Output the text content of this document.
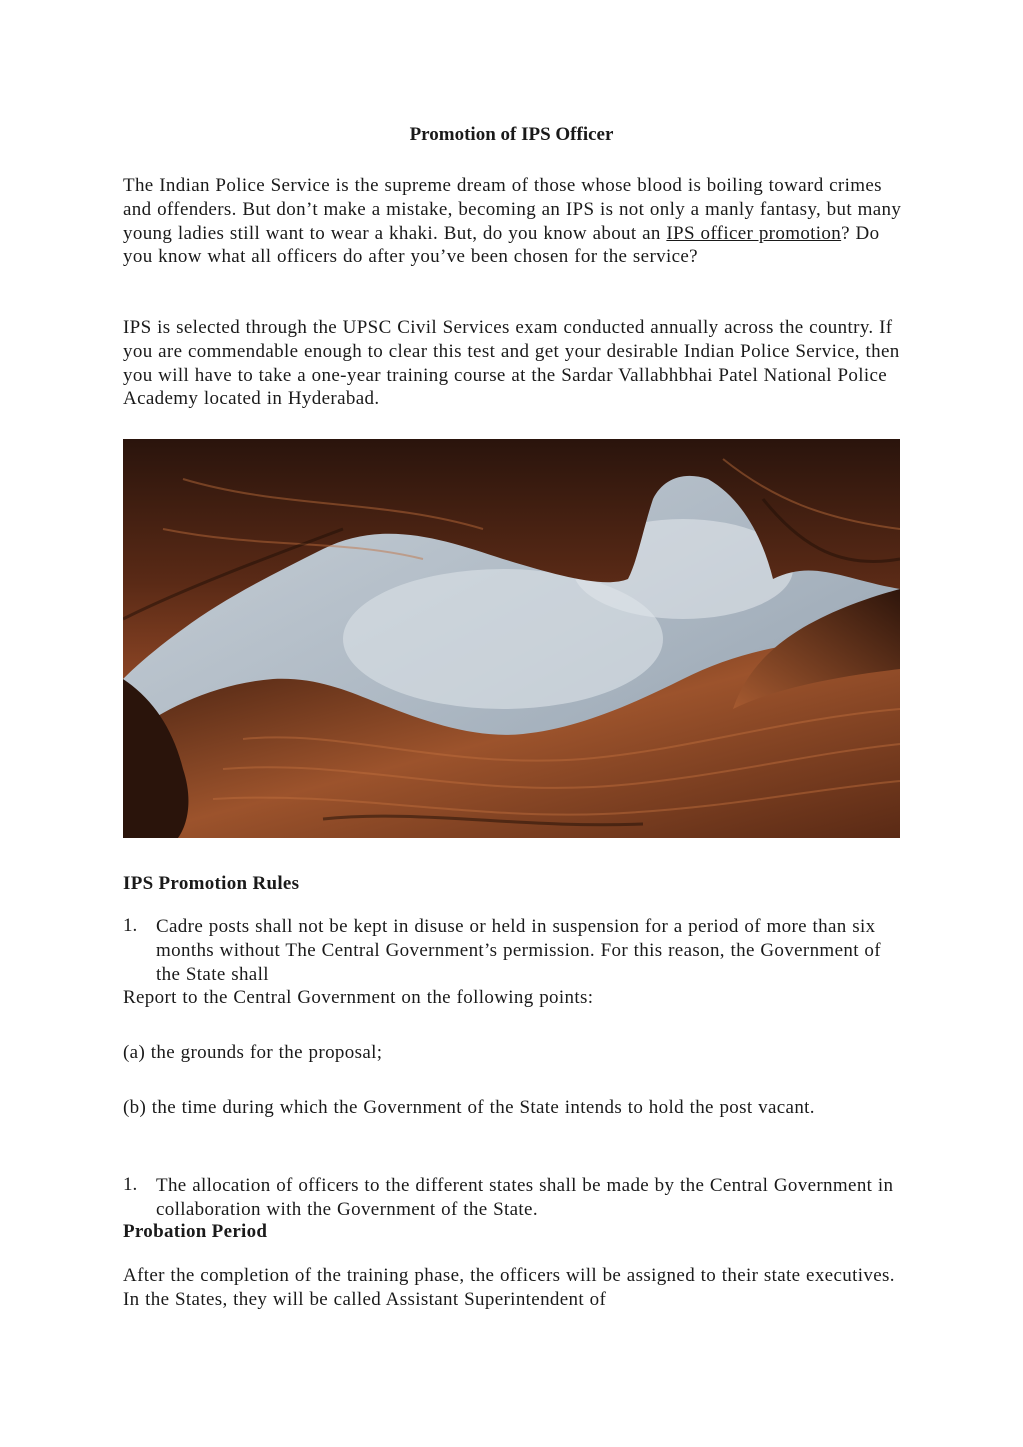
Promotion of IPS Officer

The Indian Police Service is the supreme dream of those whose blood is boiling toward crimes and offenders. But don’t make a mistake, becoming an IPS is not only a manly fantasy, but many young ladies still want to wear a khaki. But, do you know about an IPS officer promotion? Do you know what all officers do after you’ve been chosen for the service?

IPS is selected through the UPSC Civil Services exam conducted annually across the country. If you are commendable enough to clear this test and get your desirable Indian Police Service, then you will have to take a one-year training course at the Sardar Vallabhbhai Patel National Police Academy located in Hyderabad.

IPS Promotion Rules

1. Cadre posts shall not be kept in disuse or held in suspension for a period of more than six months without The Central Government’s permission. For this reason, the Government of the State shall

Report to the Central Government on the following points:

(a) the grounds for the proposal;

(b) the time during which the Government of the State intends to hold the post vacant.

1. The allocation of officers to the different states shall be made by the Central Government in collaboration with the Government of the State.

Probation Period

After the completion of the training phase, the officers will be assigned to their state executives. In the States, they will be called Assistant Superintendent of
